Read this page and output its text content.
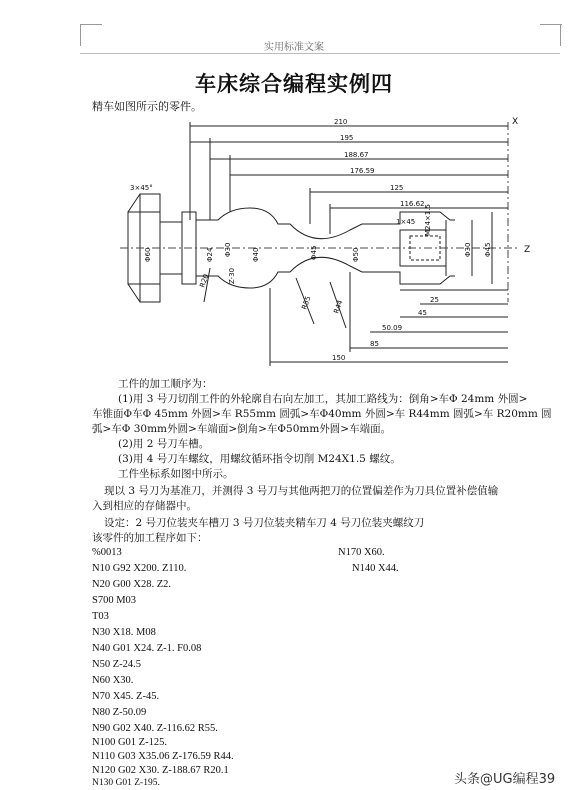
实用标准文案
车床综合编程实例四
精车如图所示的零件。
210
195
188.67
176.59
125
116.62
3×45°
M24×1.5
1×45
Φ60	Φ24 Φ30	Φ40	Φ45	Φ50
R20
R55	R44
Φ30 Φ45
25
45
50.09
85
150
Z-30
X
Z
工件的加工顺序为：
(1)用 3 号刀切削工件的外轮廓自右向左加工，其加工路线为：倒角>车Φ 24mm 外圆>
车锥面Φ车Φ 45mm 外圆>车 R55mm 圆弧>车Φ40mm 外圆>车 R44mm 圆弧>车 R20mm 圆
弧>车Φ 30mm外圆>车端面>倒角>车Φ50mm外圆>车端面。
(2)用 2 号刀车槽。
(3)用 4 号刀车螺纹，用螺纹循环指令切削 M24X1.5 螺纹。
工件坐标系如图中所示。
现以 3 号刀为基准刀，并测得 3 号刀与其他两把刀的位置偏差作为刀具位置补偿值输
入到相应的存储器中。
设定：2 号刀位装夹车槽刀 3 号刀位装夹精车刀 4 号刀位装夹螺纹刀
该零件的加工程序如下：
%0013
N10 G92 X200. Z110.
N20 G00 X28. Z2.
S700 M03
T03
N30 X18. M08
N40 G01 X24. Z-1. F0.08
N50 Z-24.5
N60 X30.
N70 X45. Z-45.
N80 Z-50.09
N90 G02 X40. Z-116.62 R55.
N100 G01 Z-125.
N110 G03 X35.06 Z-176.59 R44.
N120 G02 X30. Z-188.67 R20.1
N130 G01 Z-195.
N170 X60.
N140 X44.
头条@UG编程39
